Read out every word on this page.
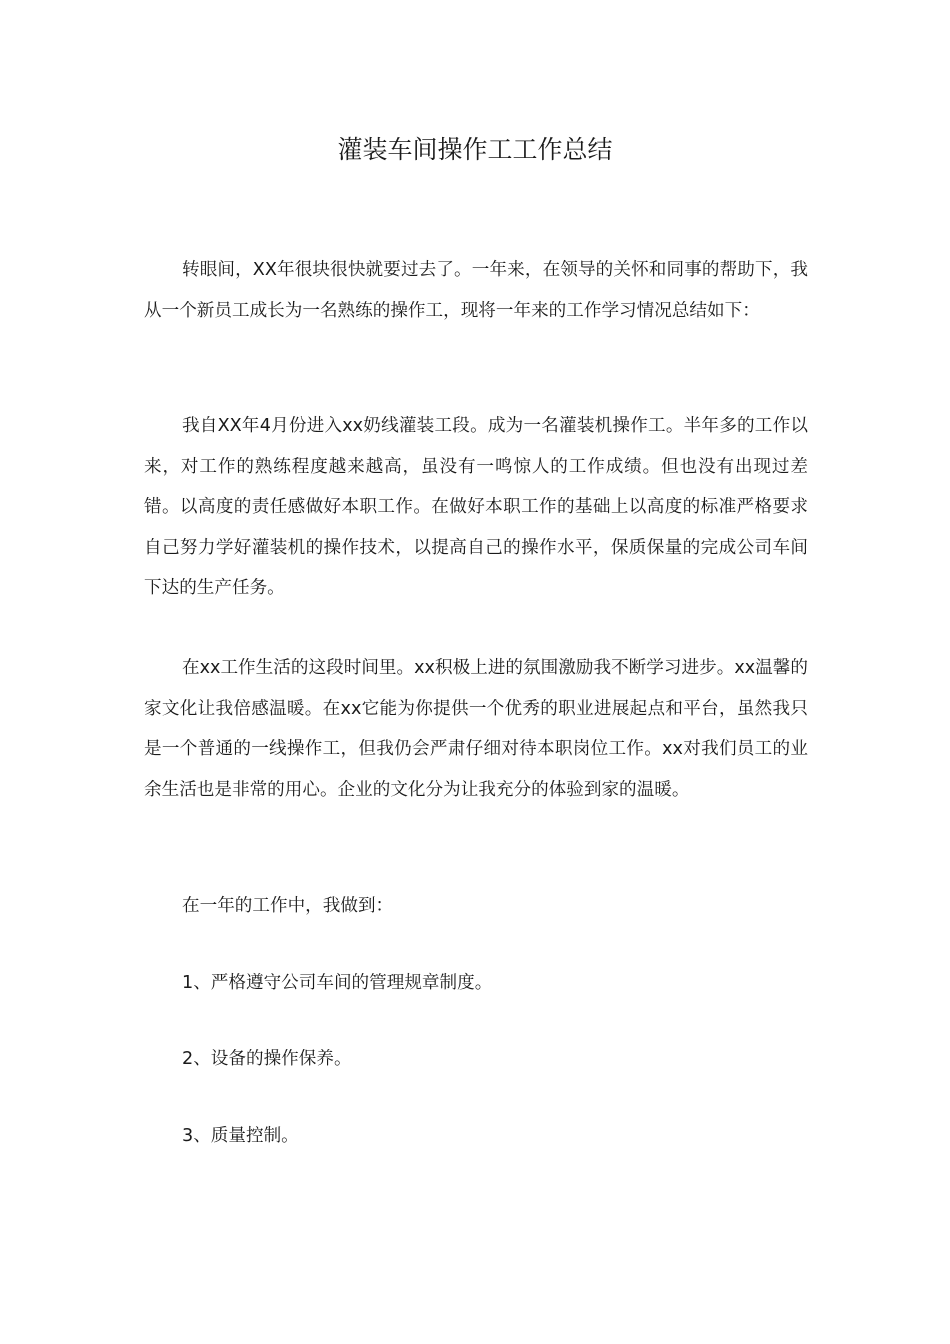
灌装车间操作工工作总结

转眼间，XX年很块很快就要过去了。一年来，在领导的关怀和同事的帮助下，我从一个新员工成长为一名熟练的操作工，现将一年来的工作学习情况总结如下：

我自XX年4月份进入xx奶线灌装工段。成为一名灌装机操作工。半年多的工作以来，对工作的熟练程度越来越高，虽没有一鸣惊人的工作成绩。但也没有出现过差错。以高度的责任感做好本职工作。在做好本职工作的基础上以高度的标准严格要求自己努力学好灌装机的操作技术，以提高自己的操作水平，保质保量的完成公司车间下达的生产任务。

在xx工作生活的这段时间里。xx积极上进的氛围激励我不断学习进步。xx温馨的家文化让我倍感温暖。在xx它能为你提供一个优秀的职业进展起点和平台，虽然我只是一个普通的一线操作工，但我仍会严肃仔细对待本职岗位工作。xx对我们员工的业余生活也是非常的用心。企业的文化分为让我充分的体验到家的温暖。

在一年的工作中，我做到：

1、严格遵守公司车间的管理规章制度。

2、设备的操作保养。

3、质量控制。
